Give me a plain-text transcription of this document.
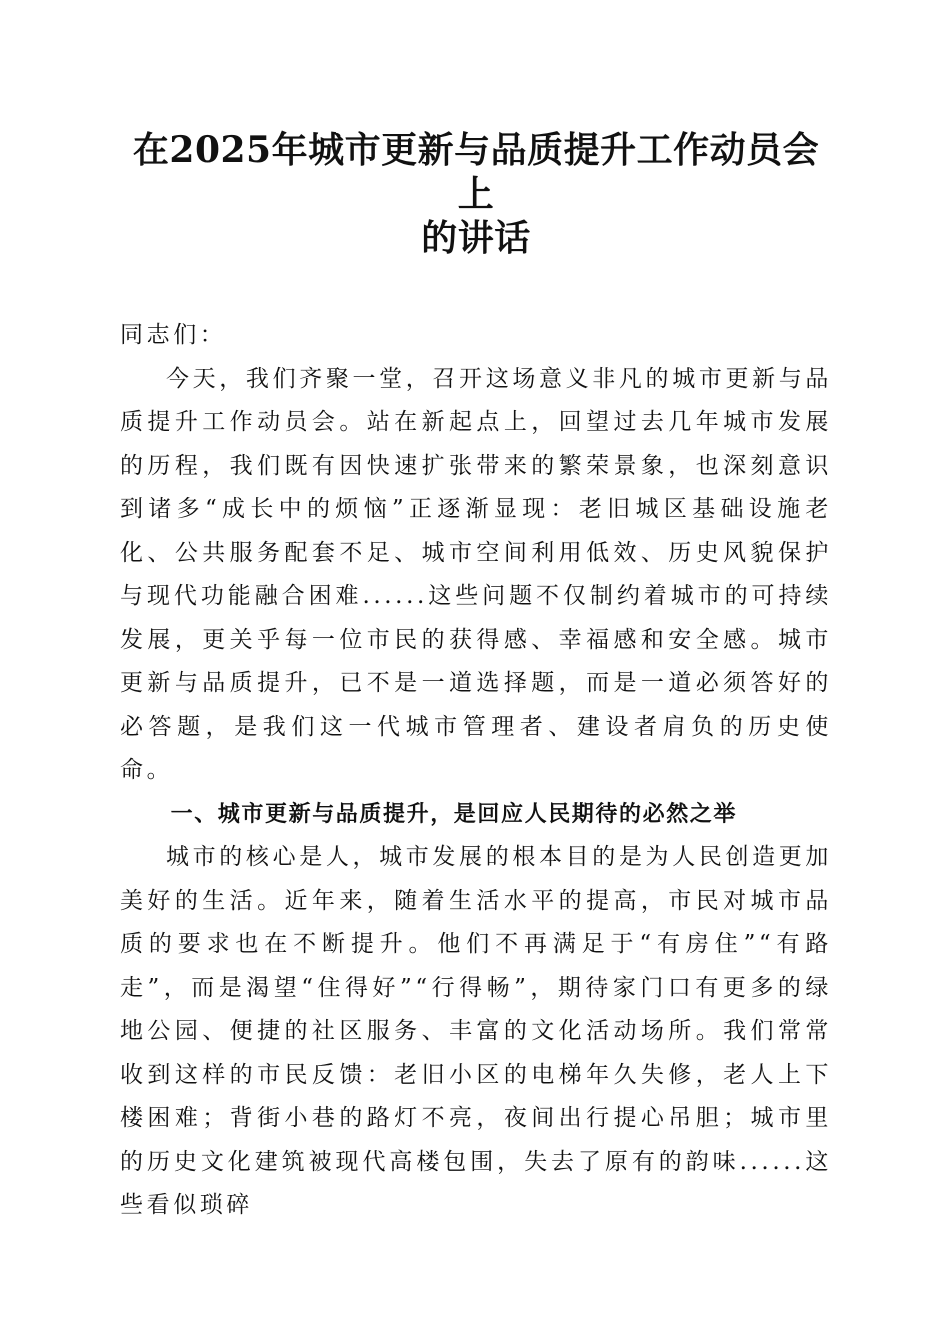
在2025年城市更新与品质提升工作动员会上
的讲话

同志们：

今天，我们齐聚一堂，召开这场意义非凡的城市更新与品质提升工作动员会。站在新起点上，回望过去几年城市发展的历程，我们既有因快速扩张带来的繁荣景象，也深刻意识到诸多“成长中的烦恼”正逐渐显现：老旧城区基础设施老化、公共服务配套不足、城市空间利用低效、历史风貌保护与现代功能融合困难......这些问题不仅制约着城市的可持续发展，更关乎每一位市民的获得感、幸福感和安全感。城市更新与品质提升，已不是一道选择题，而是一道必须答好的必答题，是我们这一代城市管理者、建设者肩负的历史使命。

一、城市更新与品质提升，是回应人民期待的必然之举

城市的核心是人，城市发展的根本目的是为人民创造更加美好的生活。近年来，随着生活水平的提高，市民对城市品质的要求也在不断提升。他们不再满足于“有房住”“有路走”，而是渴望“住得好”“行得畅”，期待家门口有更多的绿地公园、便捷的社区服务、丰富的文化活动场所。我们常常收到这样的市民反馈：老旧小区的电梯年久失修，老人上下楼困难；背街小巷的路灯不亮，夜间出行提心吊胆；城市里的历史文化建筑被现代高楼包围，失去了原有的韵味......这些看似琐碎
